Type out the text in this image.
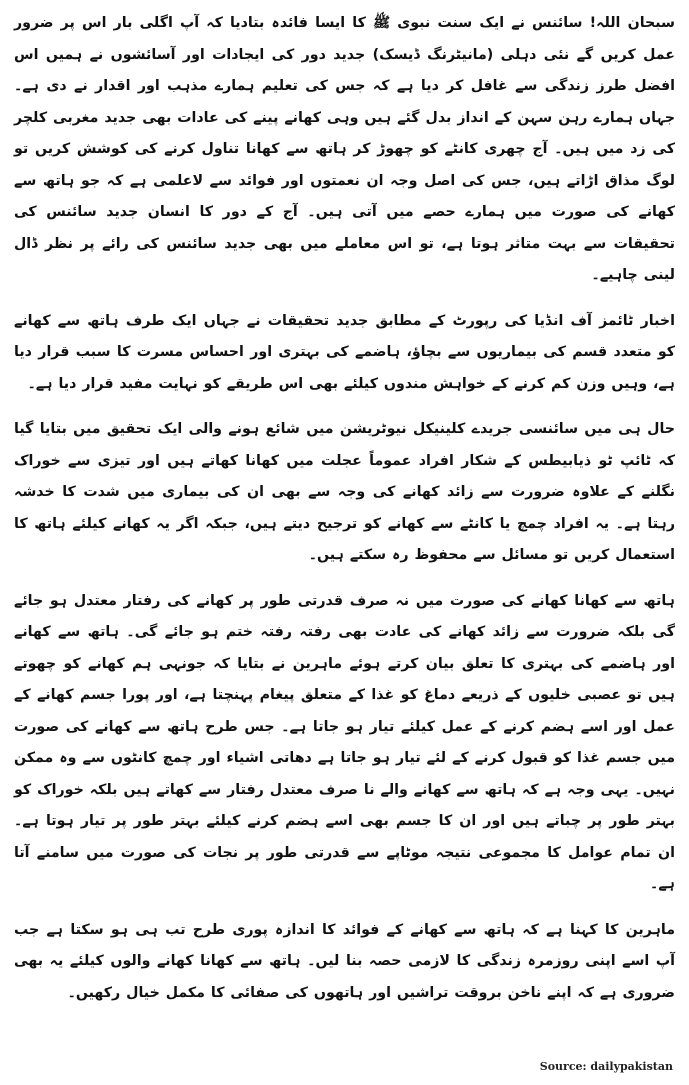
سبحان اللہ! سائنس نے ایک سنت نبوی ﷺ کا ایسا فائدہ بتادیا کہ آپ اگلی بار اس پر ضرور عمل کریں گے نئی دہلی (مانیٹرنگ ڈیسک) جدید دور کی ایجادات اور آسائشوں نے ہمیں اس افضل طرز زندگی سے غافل کر دیا ہے کہ جس کی تعلیم ہمارے مذہب اور اقدار نے دی ہے۔ جہاں ہمارے رہن سہن کے انداز بدل گئے ہیں وہی کھانے پینے کی عادات بھی جدید مغربی کلچر کی زد میں ہیں۔ آج چھری کانٹے کو چھوڑ کر ہاتھ سے کھانا تناول کرنے کی کوشش کریں تو لوگ مذاق اڑاتے ہیں، جس کی اصل وجہ ان نعمتوں اور فوائد سے لاعلمی ہے کہ جو ہاتھ سے کھانے کی صورت میں ہمارے حصے میں آتی ہیں۔ آج کے دور کا انسان جدید سائنس کی تحقیقات سے بہت متاثر ہوتا ہے، تو اس معاملے میں بھی جدید سائنس کی رائے پر نظر ڈال لینی چاہیے۔

اخبار ٹائمز آف انڈیا کی رپورٹ کے مطابق جدید تحقیقات نے جہاں ایک طرف ہاتھ سے کھانے کو متعدد قسم کی بیماریوں سے بچاؤ، ہاضمے کی بہتری اور احساس مسرت کا سبب قرار دیا ہے، وہیں وزن کم کرنے کے خواہش مندوں کیلئے بھی اس طریقے کو نہایت مفید قرار دیا ہے۔

حال ہی میں سائنسی جریدے کلینیکل نیوٹریشن میں شائع ہونے والی ایک تحقیق میں بتایا گیا کہ ٹائپ ٹو ذیابیطس کے شکار افراد عموماً عجلت میں کھانا کھاتے ہیں اور تیزی سے خوراک نگلنے کے علاوہ ضرورت سے زائد کھانے کی وجہ سے بھی ان کی بیماری میں شدت کا خدشہ رہتا ہے۔ یہ افراد چمچ یا کانٹے سے کھانے کو ترجیح دیتے ہیں، جبکہ اگر یہ کھانے کیلئے ہاتھ کا استعمال کریں تو مسائل سے محفوظ رہ سکتے ہیں۔

ہاتھ سے کھانا کھانے کی صورت میں نہ صرف قدرتی طور پر کھانے کی رفتار معتدل ہو جائے گی بلکہ ضرورت سے زائد کھانے کی عادت بھی رفتہ رفتہ ختم ہو جائے گی۔ ہاتھ سے کھانے اور ہاضمے کی بہتری کا تعلق بیان کرتے ہوئے ماہرین نے بتایا کہ جونہی ہم کھانے کو چھوتے ہیں تو عصبی خلیوں کے ذریعے دماغ کو غذا کے متعلق پیغام پہنچتا ہے، اور پورا جسم کھانے کے عمل اور اسے ہضم کرنے کے عمل کیلئے تیار ہو جاتا ہے۔ جس طرح ہاتھ سے کھانے کی صورت میں جسم غذا کو قبول کرنے کے لئے تیار ہو جاتا ہے دھاتی اشیاء اور چمچ کانٹوں سے وہ ممکن نہیں۔ یہی وجہ ہے کہ ہاتھ سے کھانے والے نا صرف معتدل رفتار سے کھاتے ہیں بلکہ خوراک کو بہتر طور پر چباتے ہیں اور ان کا جسم بھی اسے ہضم کرنے کیلئے بہتر طور پر تیار ہوتا ہے۔ ان تمام عوامل کا مجموعی نتیجہ موٹاپے سے قدرتی طور پر نجات کی صورت میں سامنے آتا ہے۔

ماہرین کا کہنا ہے کہ ہاتھ سے کھانے کے فوائد کا اندازہ پوری طرح تب ہی ہو سکتا ہے جب آپ اسے اپنی روزمرہ زندگی کا لازمی حصہ بنا لیں۔ ہاتھ سے کھانا کھانے والوں کیلئے یہ بھی ضروری ہے کہ اپنے ناخن بروقت تراشیں اور ہاتھوں کی صفائی کا مکمل خیال رکھیں۔

Source: dailypakistan
